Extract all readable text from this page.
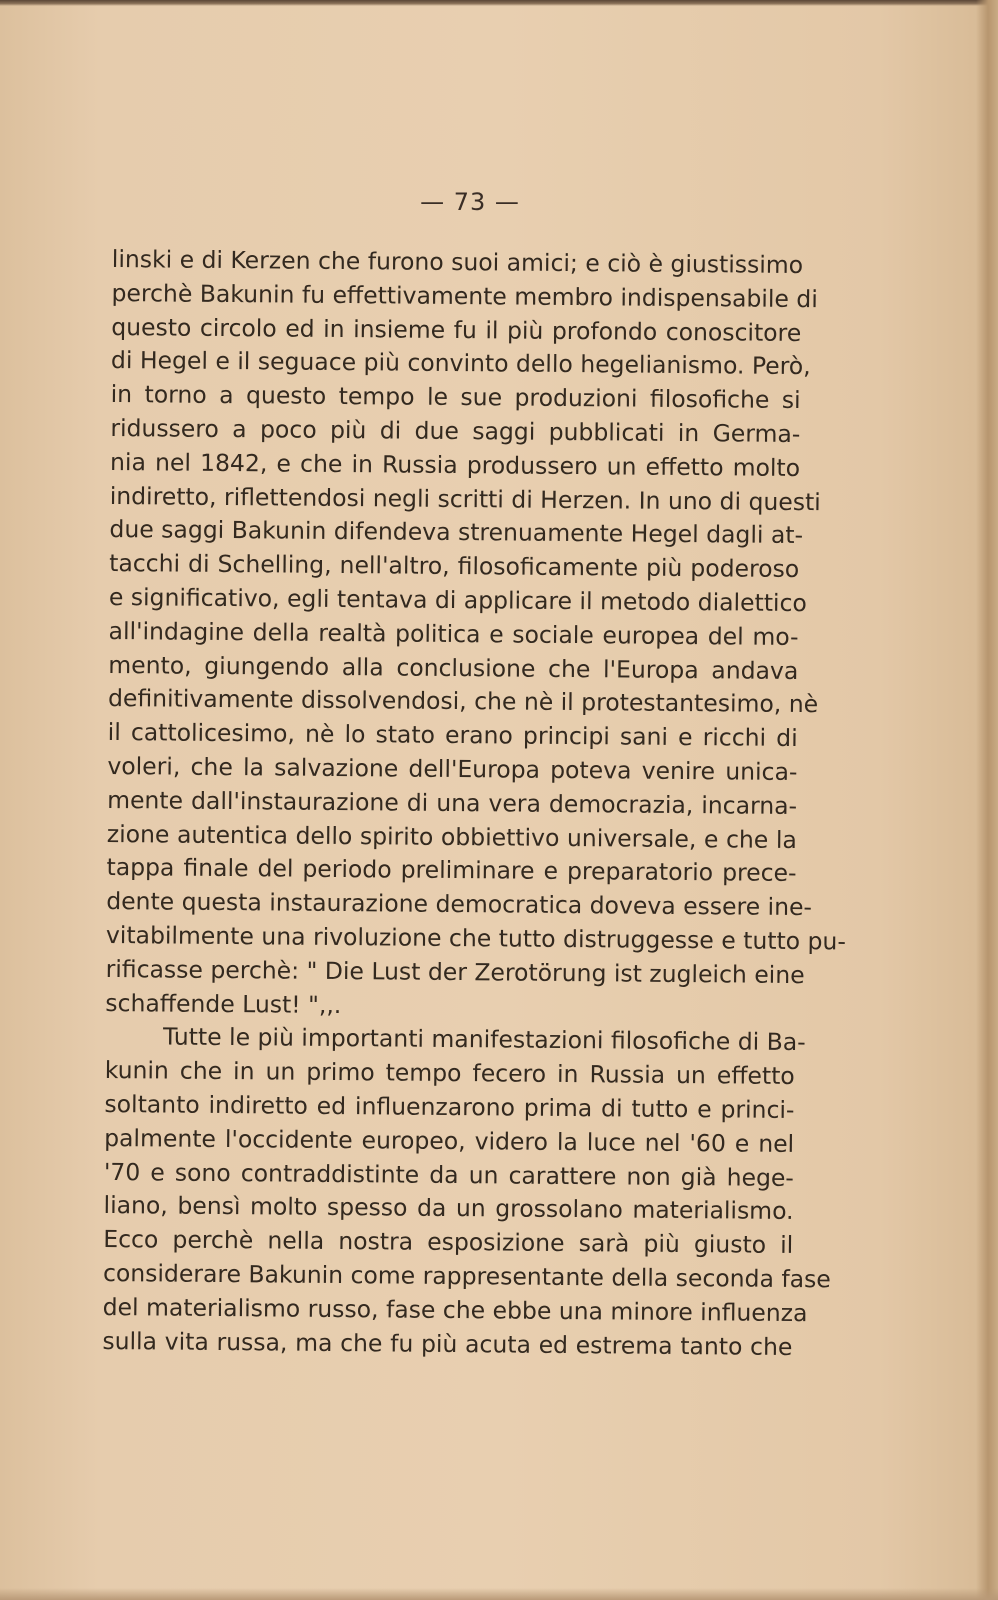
— 73 —
linski e di Kerzen che furono suoi amici; e ciò è giustissimo
perchè Bakunin fu effettivamente membro indispensabile di
questo circolo ed in insieme fu il più profondo conoscitore
di Hegel e il seguace più convinto dello hegelianismo. Però,
in torno a questo tempo le sue produzioni filosofiche si
ridussero a poco più di due saggi pubblicati in Germa-
nia nel 1842, e che in Russia produssero un effetto molto
indiretto, riflettendosi negli scritti di Herzen. In uno di questi
due saggi Bakunin difendeva strenuamente Hegel dagli at-
tacchi di Schelling, nell'altro, filosoficamente più poderoso
e significativo, egli tentava di applicare il metodo dialettico
all'indagine della realtà politica e sociale europea del mo-
mento, giungendo alla conclusione che l'Europa andava
definitivamente dissolvendosi, che nè il protestantesimo, nè
il cattolicesimo, nè lo stato erano principi sani e ricchi di
voleri, che la salvazione dell'Europa poteva venire unica-
mente dall'instaurazione di una vera democrazia, incarna-
zione autentica dello spirito obbiettivo universale, e che la
tappa finale del periodo preliminare e preparatorio prece-
dente questa instaurazione democratica doveva essere ine-
vitabilmente una rivoluzione che tutto distruggesse e tutto pu-
rificasse perchè: " Die Lust der Zerotörung ist zugleich eine
schaffende Lust! ",,.
Tutte le più importanti manifestazioni filosofiche di Ba-
kunin che in un primo tempo fecero in Russia un effetto
soltanto indiretto ed influenzarono prima di tutto e princi-
palmente l'occidente europeo, videro la luce nel '60 e nel
'70 e sono contraddistinte da un carattere non già hege-
liano, bensì molto spesso da un grossolano materialismo.
Ecco perchè nella nostra esposizione sarà più giusto il
considerare Bakunin come rappresentante della seconda fase
del materialismo russo, fase che ebbe una minore influenza
sulla vita russa, ma che fu più acuta ed estrema tanto che
